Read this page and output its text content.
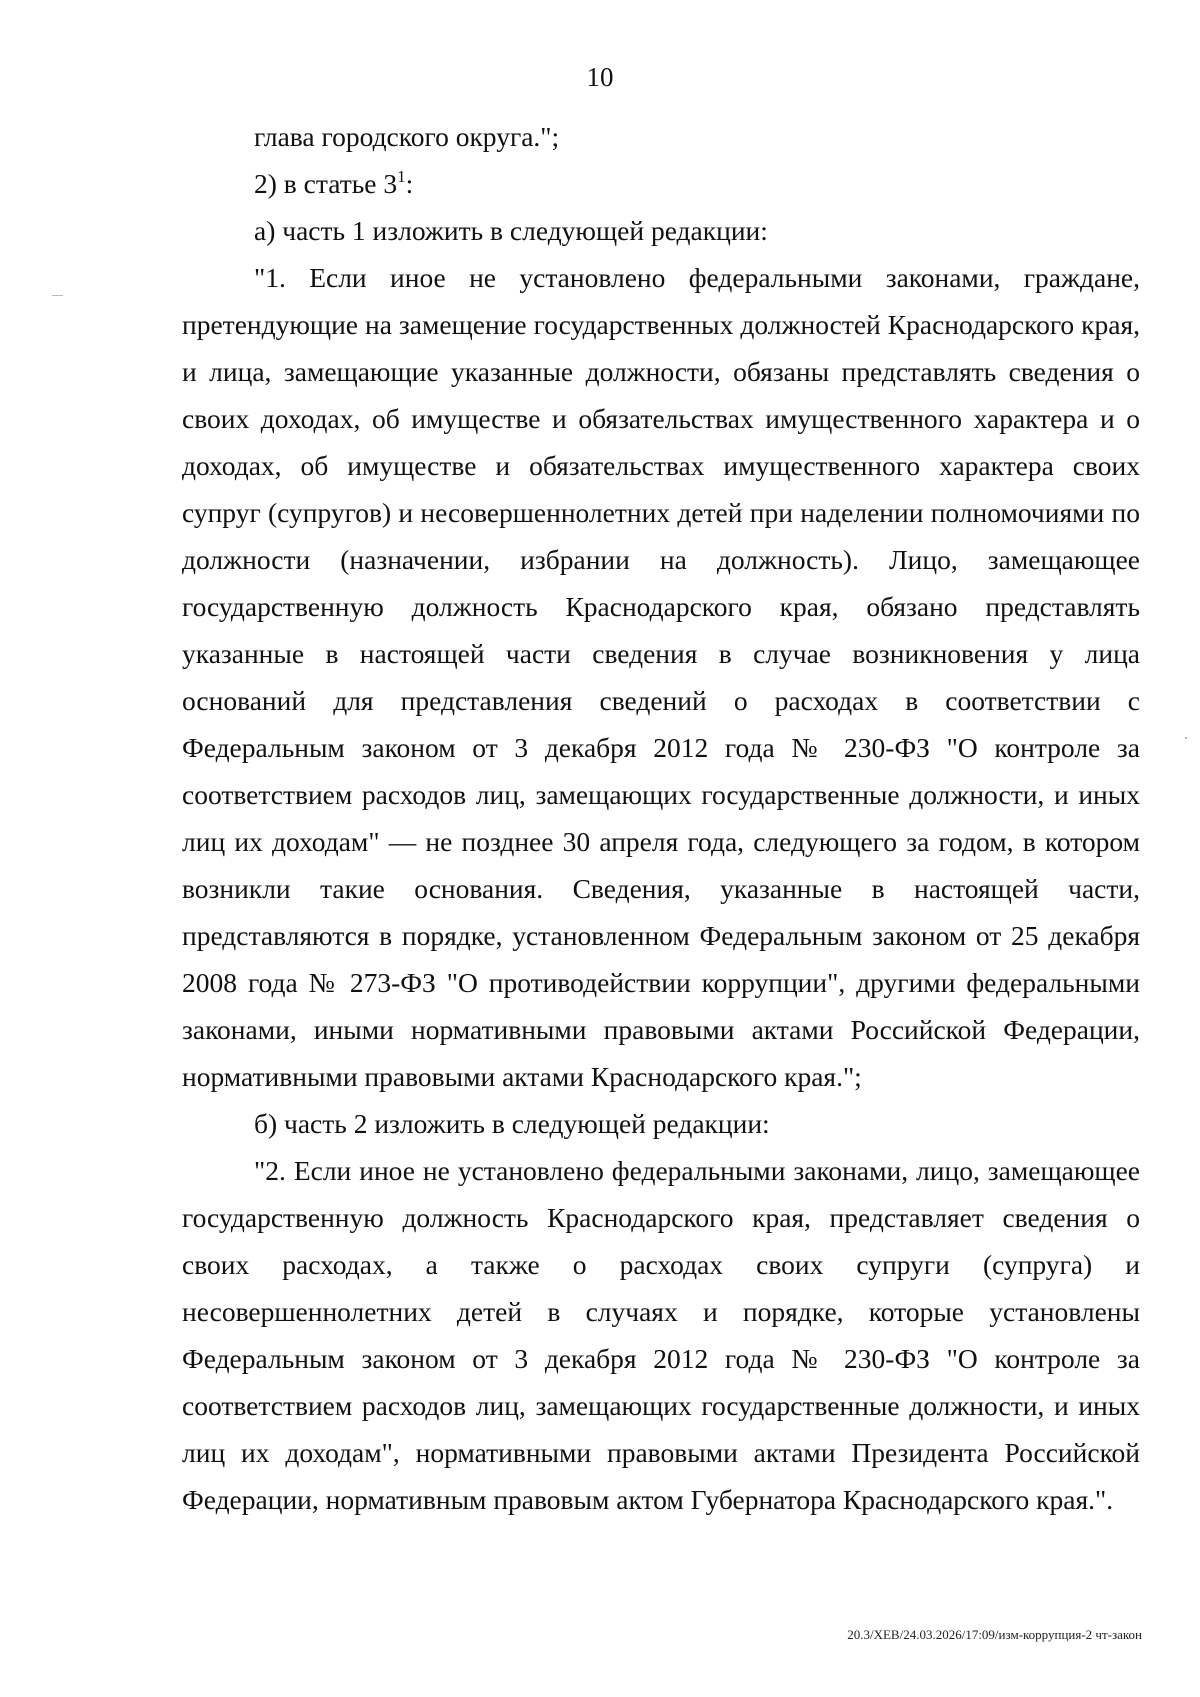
10

глава городского округа.";

2) в статье $3^1$:

а) часть 1 изложить в следующей редакции:

"1. Если иное не установлено федеральными законами, граждане, претендующие на замещение государственных должностей Краснодарского края, и лица, замещающие указанные должности, обязаны представлять сведения о своих доходах, об имуществе и обязательствах имущественного характера и о доходах, об имуществе и обязательствах имущественного характера своих супруг (супругов) и несовершеннолетних детей при наделении полномочиями по должности (назначении, избрании на должность). Лицо, замещающее государственную должность Краснодарского края, обязано представлять указанные в настоящей части сведения в случае возникновения у лица оснований для представления сведений о расходах в соответствии с Федеральным законом от 3 декабря 2012 года № 230-ФЗ "О контроле за соответствием расходов лиц, замещающих государственные должности, и иных лиц их доходам" — не позднее 30 апреля года, следующего за годом, в котором возникли такие основания. Сведения, указанные в настоящей части, представляются в порядке, установленном Федеральным законом от 25 декабря 2008 года № 273-ФЗ "О противодействии коррупции", другими федеральными законами, иными нормативными правовыми актами Российской Федерации, нормативными правовыми актами Краснодарского края.";

б) часть 2 изложить в следующей редакции:

"2. Если иное не установлено федеральными законами, лицо, замещающее государственную должность Краснодарского края, представляет сведения о своих расходах, а также о расходах своих супруги (супруга) и несовершеннолетних детей в случаях и порядке, которые установлены Федеральным законом от 3 декабря 2012 года № 230-ФЗ "О контроле за соответствием расходов лиц, замещающих государственные должности, и иных лиц их доходам", нормативными правовыми актами Президента Российской Федерации, нормативным правовым актом Губернатора Краснодарского края.".

20.3/ХЕВ/24.03.2026/17:09/изм-коррупция-2 чт-закон
